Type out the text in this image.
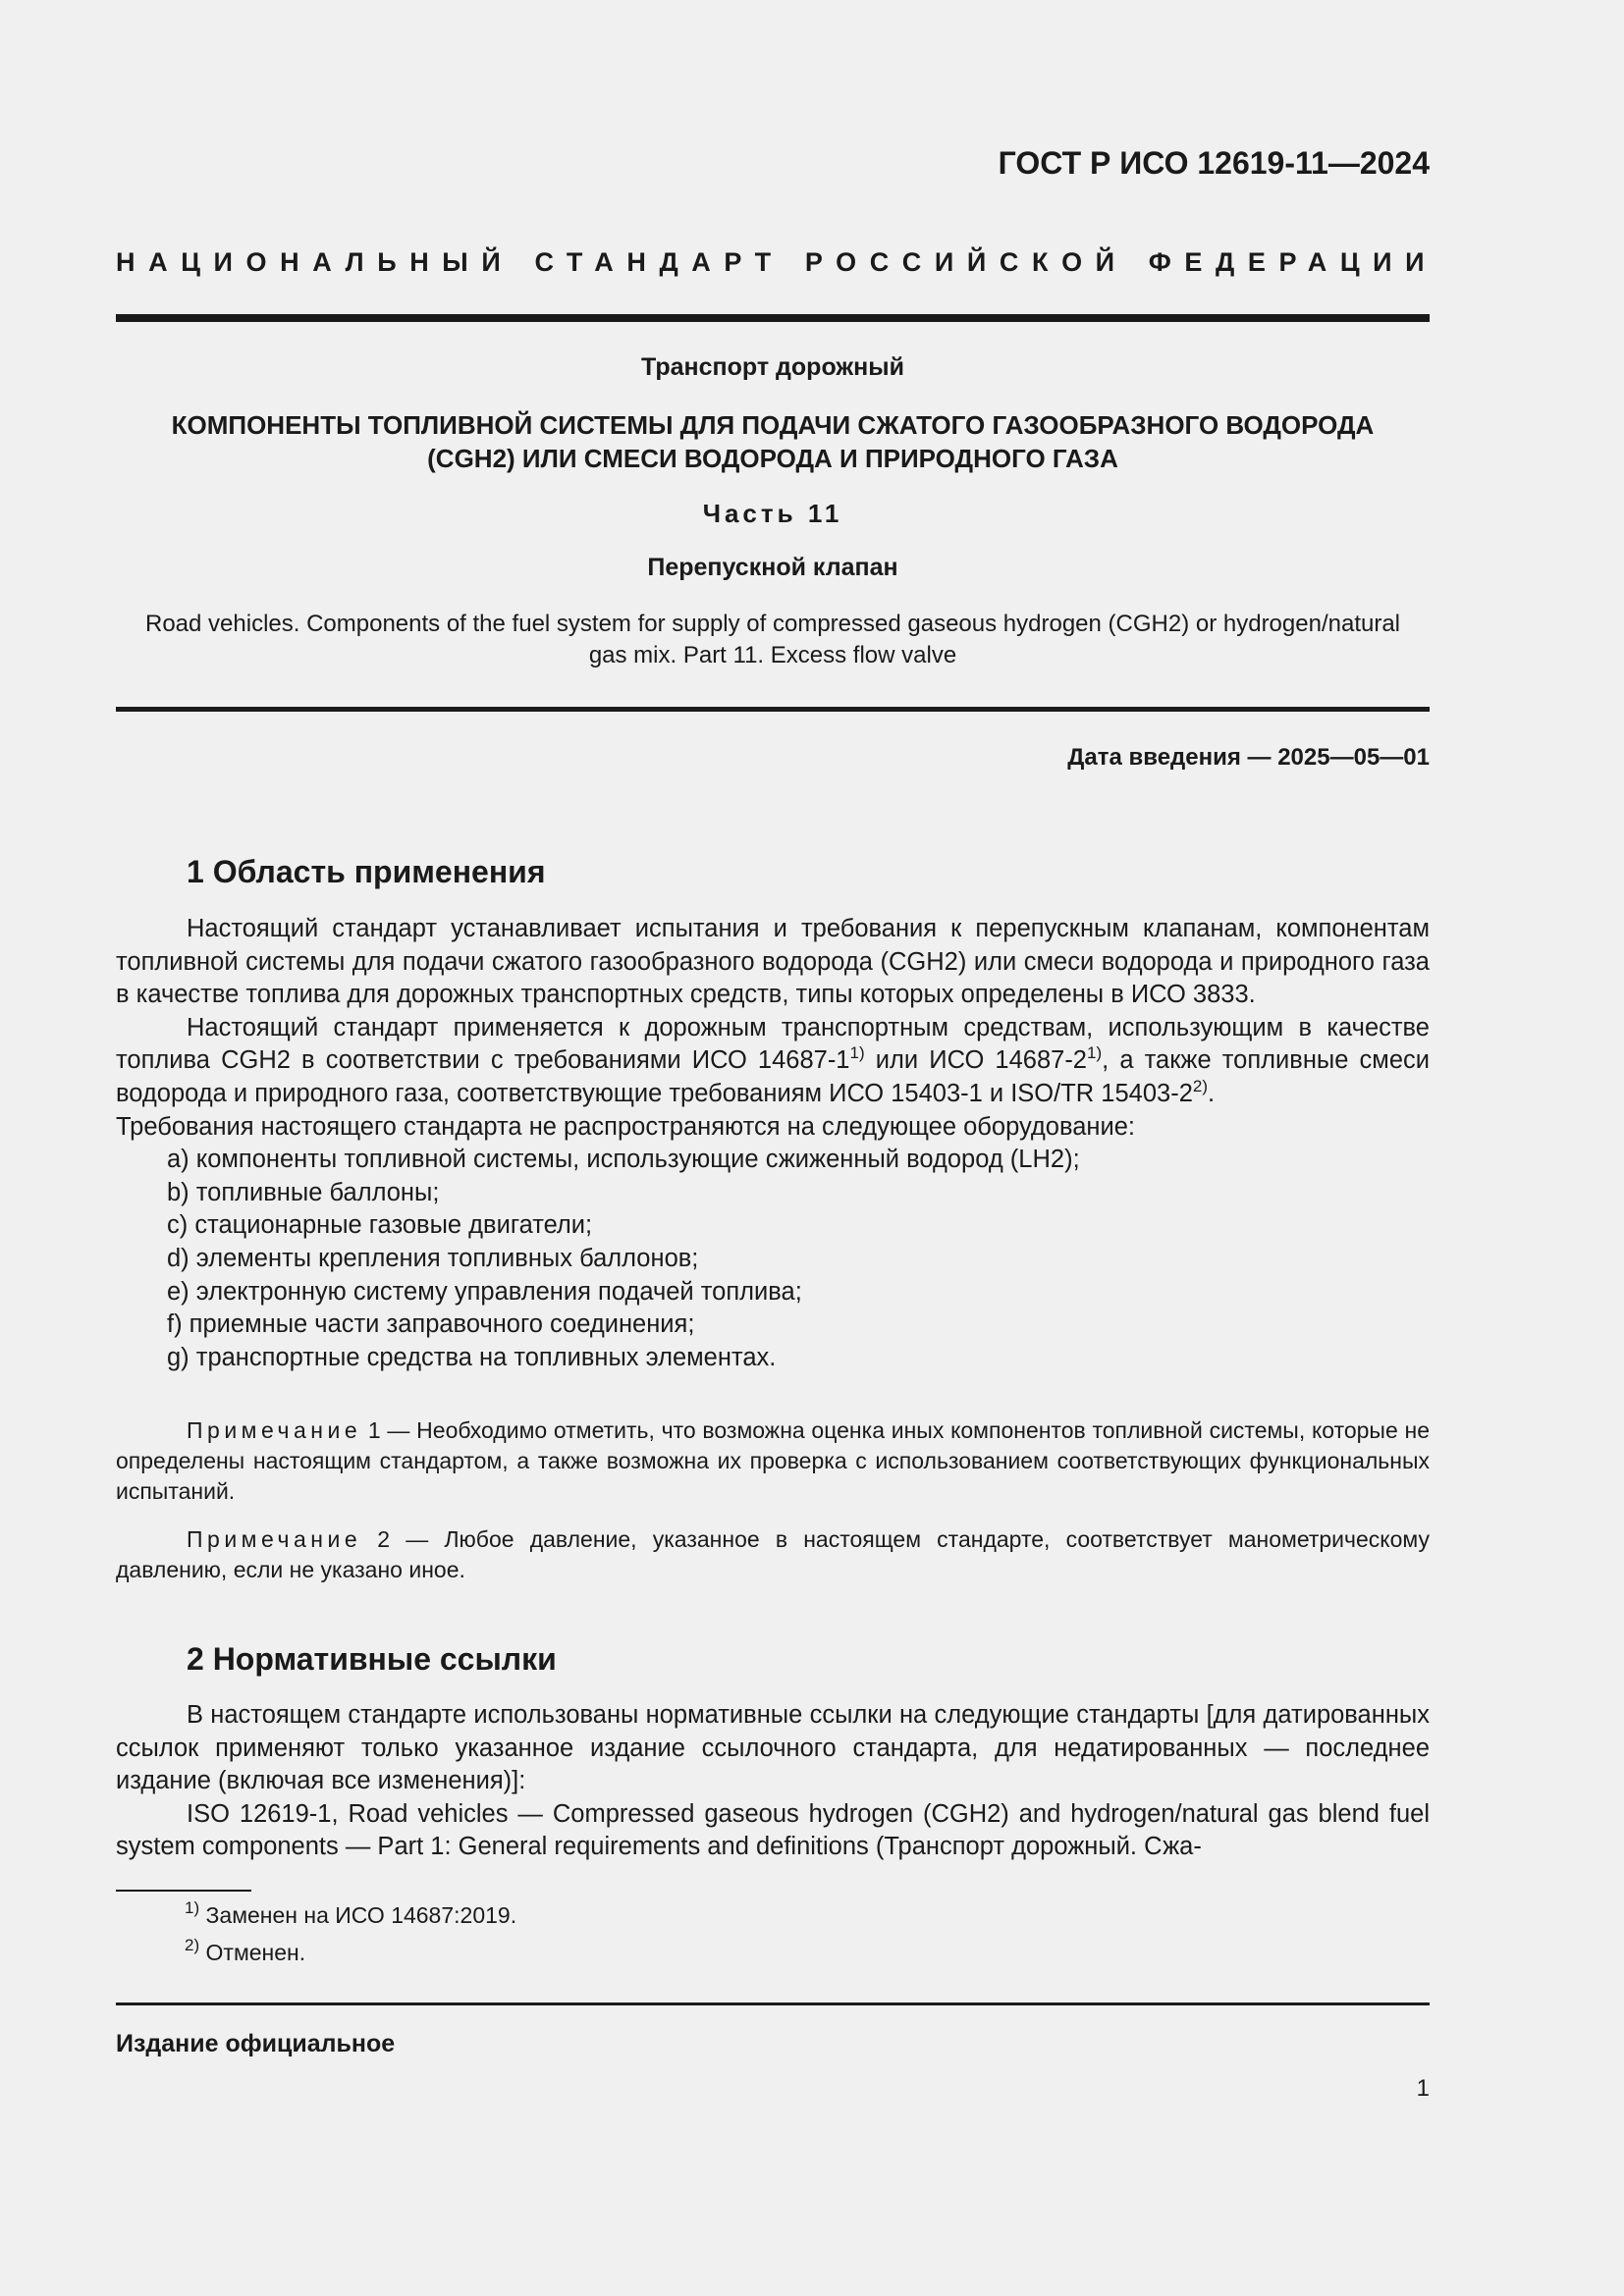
ГОСТ Р ИСО 12619-11—2024
НАЦИОНАЛЬНЫЙ СТАНДАРТ РОССИЙСКОЙ ФЕДЕРАЦИИ
Транспорт дорожный
КОМПОНЕНТЫ ТОПЛИВНОЙ СИСТЕМЫ ДЛЯ ПОДАЧИ СЖАТОГО ГАЗООБРАЗНОГО ВОДОРОДА
(CGH2) ИЛИ СМЕСИ ВОДОРОДА И ПРИРОДНОГО ГАЗА
Часть 11
Перепускной клапан
Road vehicles. Components of the fuel system for supply of compressed gaseous hydrogen (CGH2) or hydrogen/natural
gas mix. Part 11. Excess flow valve
Дата введения — 2025—05—01
1 Область применения

Настоящий стандарт устанавливает испытания и требования к перепускным клапанам, компонентам топливной системы для подачи сжатого газообразного водорода (CGH2) или смеси водорода и природного газа в качестве топлива для дорожных транспортных средств, типы которых определены в ИСО 3833.

Настоящий стандарт применяется к дорожным транспортным средствам, использующим в качестве топлива CGH2 в соответствии с требованиями ИСО 14687-1$^{1)}$ или ИСО 14687-2$^{1)}$, а также топливные смеси водорода и природного газа, соответствующие требованиям ИСО 15403-1 и ISO/TR 15403-2$^{2)}$.

Требования настоящего стандарта не распространяются на следующее оборудование:

a) компоненты топливной системы, использующие сжиженный водород (LH2);

b) топливные баллоны;

c) стационарные газовые двигатели;

d) элементы крепления топливных баллонов;

e) электронную систему управления подачей топлива;

f) приемные части заправочного соединения;

g) транспортные средства на топливных элементах.

Примечание 1 — Необходимо отметить, что возможна оценка иных компонентов топливной системы, которые не определены настоящим стандартом, а также возможна их проверка с использованием соответствующих функциональных испытаний.

Примечание 2 — Любое давление, указанное в настоящем стандарте, соответствует манометрическому давлению, если не указано иное.

2 Нормативные ссылки

В настоящем стандарте использованы нормативные ссылки на следующие стандарты [для датированных ссылок применяют только указанное издание ссылочного стандарта, для недатированных — последнее издание (включая все изменения)]:

ISO 12619-1, Road vehicles — Compressed gaseous hydrogen (CGH2) and hydrogen/natural gas blend fuel system components — Part 1: General requirements and definitions (Транспорт дорожный. Сжа-

$^{1)}$ Заменен на ИСО 14687:2019.
$^{2)}$ Отменен.
Издание официальное
1
